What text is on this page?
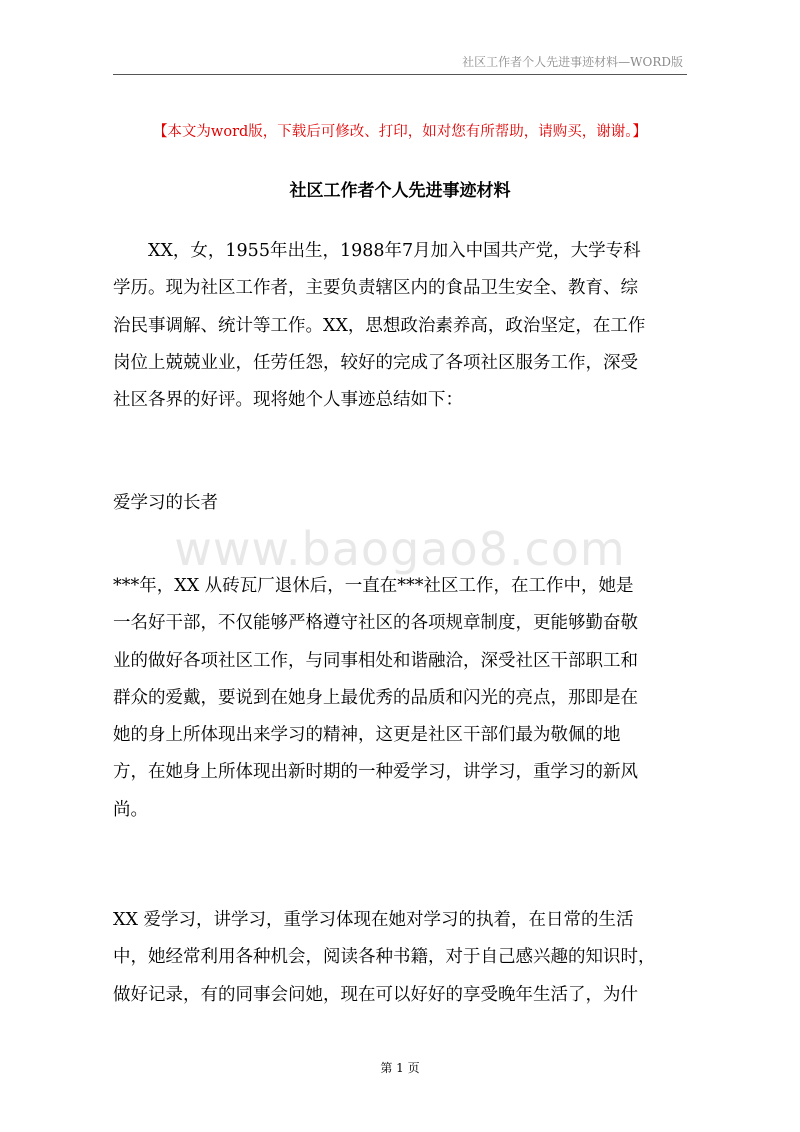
社区工作者个人先进事迹材料—WORD版
【本文为word版，下载后可修改、打印，如对您有所帮助，请购买，谢谢。】
社区工作者个人先进事迹材料
XX，女，1955年出生，1988年7月加入中国共产党，大学专科
学历。现为社区工作者，主要负责辖区内的食品卫生安全、教育、综
治民事调解、统计等工作。XX，思想政治素养高，政治坚定，在工作
岗位上兢兢业业，任劳任怨，较好的完成了各项社区服务工作，深受
社区各界的好评。现将她个人事迹总结如下：
爱学习的长者
www.baogao8.com
***年，XX 从砖瓦厂退休后，一直在***社区工作，在工作中，她是
一名好干部，不仅能够严格遵守社区的各项规章制度，更能够勤奋敬
业的做好各项社区工作，与同事相处和谐融洽，深受社区干部职工和
群众的爱戴，要说到在她身上最优秀的品质和闪光的亮点，那即是在
她的身上所体现出来学习的精神，这更是社区干部们最为敬佩的地
方，在她身上所体现出新时期的一种爱学习，讲学习，重学习的新风
尚。
XX 爱学习，讲学习，重学习体现在她对学习的执着，在日常的生活
中，她经常利用各种机会，阅读各种书籍，对于自己感兴趣的知识时，
做好记录，有的同事会问她，现在可以好好的享受晚年生活了，为什
第 1 页
